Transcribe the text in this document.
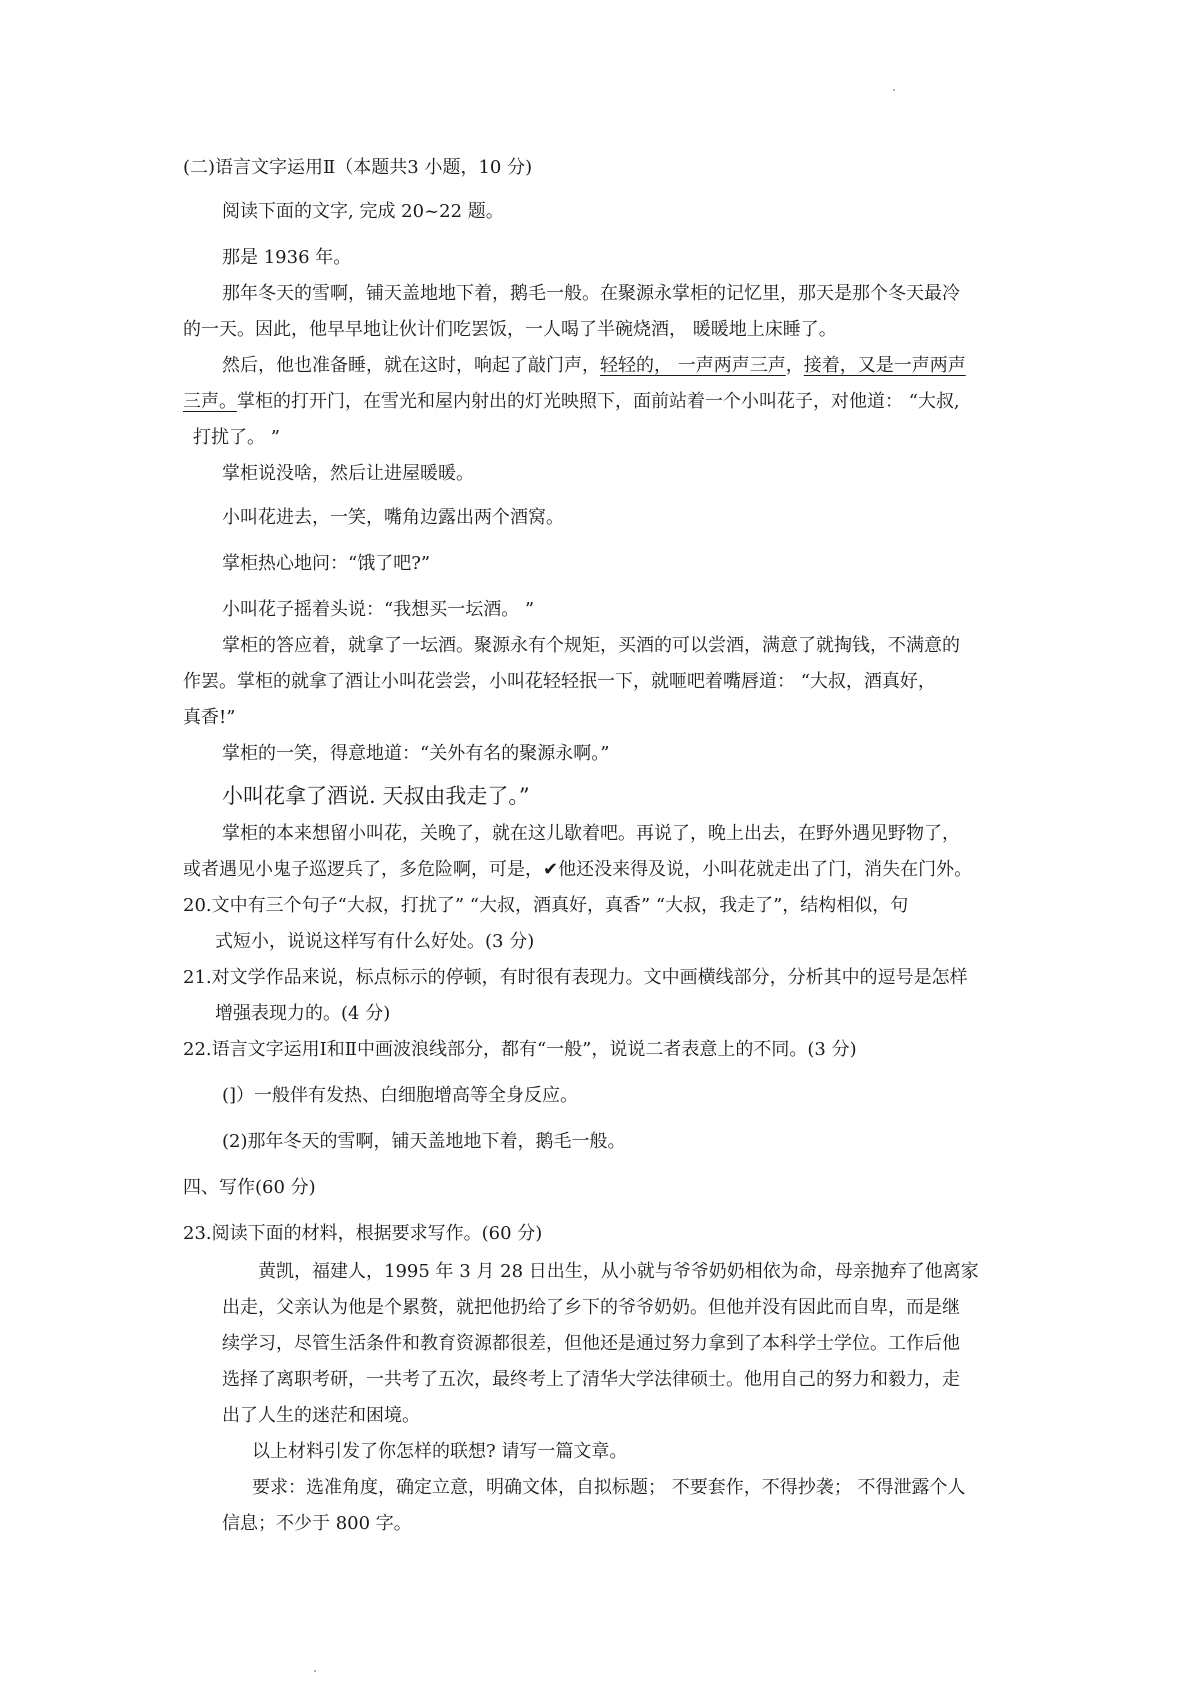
(二)语言文字运用Ⅱ（本题共3 小题，10 分)
阅读下面的文字, 完成 20~22 题。
那是 1936 年。
那年冬天的雪啊，铺天盖地地下着，鹅毛一般。在聚源永掌柜的记忆里，那天是那个冬天最冷
的一天。因此，他早早地让伙计们吃罢饭，一人喝了半碗烧酒， 暖暖地上床睡了。
然后，他也准备睡，就在这时，响起了敲门声，轻轻的， 一声两声三声，接着，又是一声两声
三声。掌柜的打开门，在雪光和屋内射出的灯光映照下，面前站着一个小叫花子，对他道： “大叔,
打扰了。 ”
掌柜说没啥，然后让进屋暖暖。
小叫花进去，一笑，嘴角边露出两个酒窝。
掌柜热心地问：“饿了吧?”
小叫花子摇着头说：“我想买一坛酒。 ”
掌柜的答应着，就拿了一坛酒。聚源永有个规矩，买酒的可以尝酒，满意了就掏钱，不满意的
作罢。掌柜的就拿了酒让小叫花尝尝，小叫花轻轻抿一下，就咂吧着嘴唇道： “大叔，酒真好，
真香!”
掌柜的一笑，得意地道：“关外有名的聚源永啊。”
小叫花拿了酒说. 天叔由我走了。”
掌柜的本来想留小叫花，关晚了，就在这儿歇着吧。再说了，晚上出去，在野外遇见野物了，
或者遇见小鬼子巡逻兵了，多危险啊，可是，✔他还没来得及说，小叫花就走出了门，消失在门外。
20.文中有三个句子“大叔，打扰了” “大叔，酒真好，真香” “大叔，我走了”，结构相似，句
式短小，说说这样写有什么好处。(3 分)
21.对文学作品来说，标点标示的停顿，有时很有表现力。文中画横线部分，分析其中的逗号是怎样
增强表现力的。(4 分)
22.语言文字运用Ⅰ和Ⅱ中画波浪线部分，都有“一般”，说说二者表意上的不同。(3 分)
(]）一般伴有发热、白细胞增高等全身反应。
(2)那年冬天的雪啊，铺天盖地地下着，鹅毛一般。
四、写作(60 分)
23.阅读下面的材料，根据要求写作。(60 分)
黄凯，福建人，1995 年 3 月 28 日出生，从小就与爷爷奶奶相依为命，母亲抛弃了他离家
出走，父亲认为他是个累赘，就把他扔给了乡下的爷爷奶奶。但他并没有因此而自卑，而是继
续学习，尽管生活条件和教育资源都很差，但他还是通过努力拿到了本科学士学位。工作后他
选择了离职考研，一共考了五次，最终考上了清华大学法律硕士。他用自己的努力和毅力，走
出了人生的迷茫和困境。
以上材料引发了你怎样的联想? 请写一篇文章。
要求：选准角度，确定立意，明确文体，自拟标题； 不要套作，不得抄袭； 不得泄露个人
信息；不少于 800 字。
